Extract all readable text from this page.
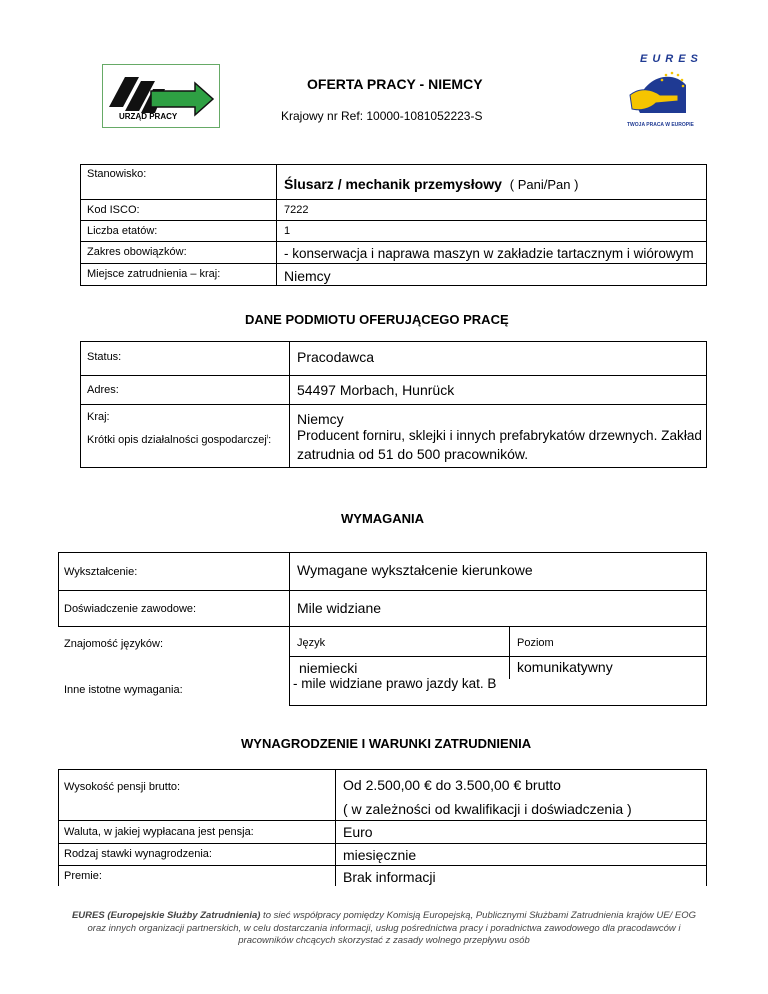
URZĄD PRACY
OFERTA PRACY - NIEMCY
Krajowy nr Ref: 10000-1081052223-S
EURES
TWOJA PRACA W EUROPIE
Stanowisko:
Ślusarz / mechanik przemysłowy ( Pani/Pan )
Kod ISCO:	7222
Liczba etatów:	1
Zakres obowiązków:	- konserwacja i naprawa maszyn w zakładzie tartacznym i wiórowym
Miejsce zatrudnienia – kraj:	Niemcy
DANE PODMIOTU OFERUJĄCEGO PRACĘ
Status:	Pracodawca
Adres:	54497 Morbach, Hunrück
Kraj:	Niemcy
Krótki opis działalności gospodarczej$^i$: Producent forniru, sklejki i innych prefabrykatów drzewnych. Zakład
zatrudnia od 51 do 500 pracowników.
WYMAGANIA
Wykształcenie:	Wymagane wykształcenie kierunkowe
Doświadczenie zawodowe:	Mile widziane
Znajomość języków:	Język	Poziom
niemiecki	komunikatywny
Inne istotne wymagania:	- mile widziane prawo jazdy kat. B
WYNAGRODZENIE I WARUNKI ZATRUDNIENIA
Wysokość pensji brutto:	Od 2.500,00 € do 3.500,00 € brutto
( w zależności od kwalifikacji i doświadczenia )
Waluta, w jakiej wypłacana jest pensja:	Euro
Rodzaj stawki wynagrodzenia:	miesięcznie
Premie:	Brak informacji
EURES (Europejskie Służby Zatrudnienia) to sieć współpracy pomiędzy Komisją Europejską, Publicznymi Służbami Zatrudnienia krajów UE/ EOG
oraz innych organizacji partnerskich, w celu dostarczania informacji, usług pośrednictwa pracy i poradnictwa zawodowego dla pracodawców i
pracowników chcących skorzystać z zasady wolnego przepływu osób
